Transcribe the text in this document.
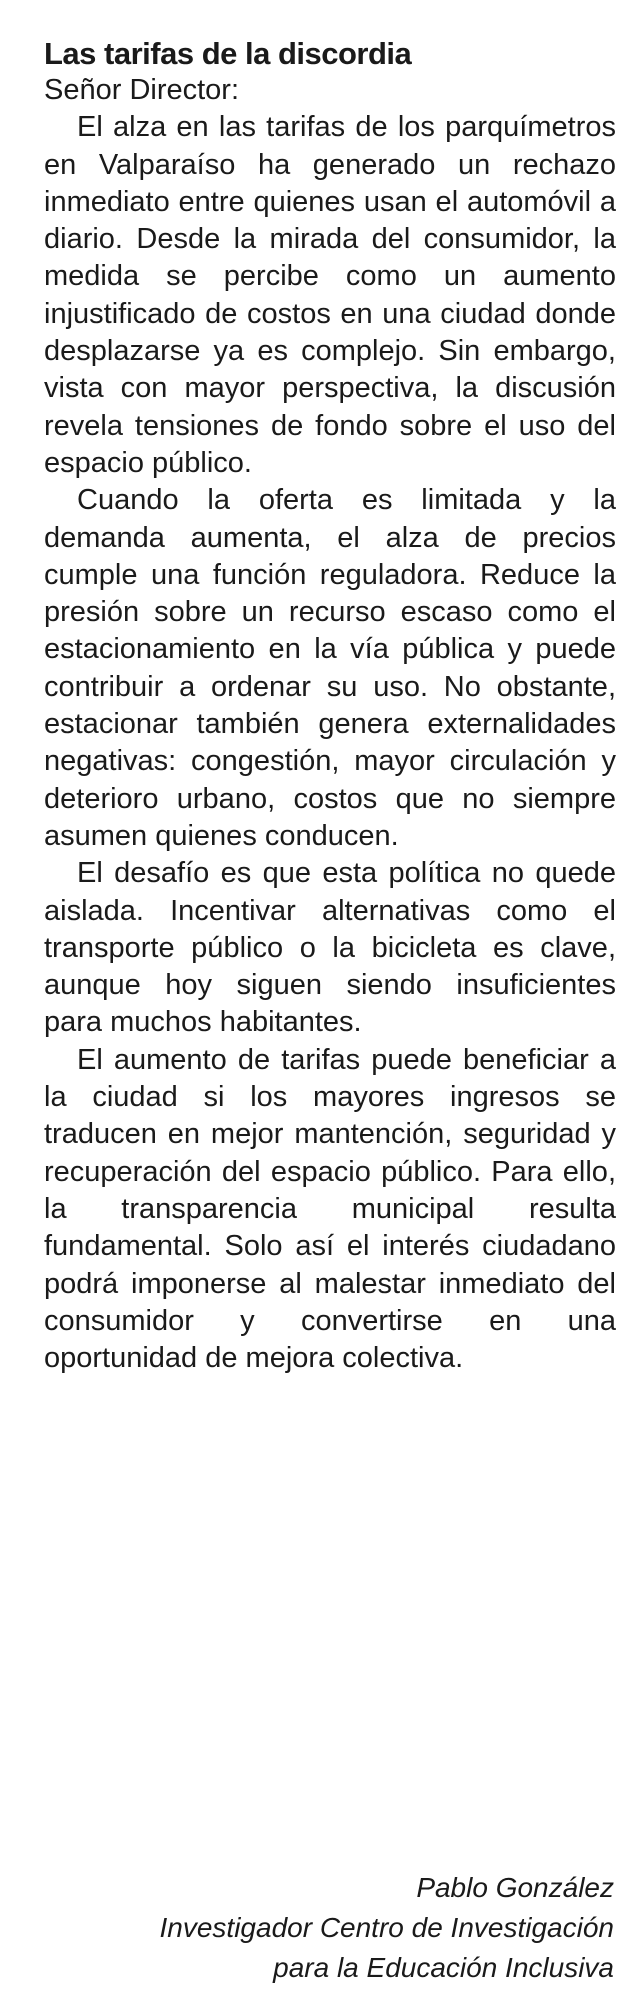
Las tarifas de la discordia

Señor Director:

El alza en las tarifas de los parquímetros en Valparaíso ha generado un rechazo inmediato entre quienes usan el automóvil a diario. Desde la mirada del consumidor, la medida se percibe como un aumento injustificado de costos en una ciudad donde desplazarse ya es complejo. Sin embargo, vista con mayor perspectiva, la discusión revela tensiones de fondo sobre el uso del espacio público.

Cuando la oferta es limitada y la demanda aumenta, el alza de precios cumple una función reguladora. Reduce la presión sobre un recurso escaso como el estacionamiento en la vía pública y puede contribuir a ordenar su uso. No obstante, estacionar también genera externalidades negativas: congestión, mayor circulación y deterioro urbano, costos que no siempre asumen quienes conducen.

El desafío es que esta política no quede aislada. Incentivar alternativas como el transporte público o la bicicleta es clave, aunque hoy siguen siendo insuficientes para muchos habitantes.

El aumento de tarifas puede beneficiar a la ciudad si los mayores ingresos se traducen en mejor mantención, seguridad y recuperación del espacio público. Para ello, la transparencia municipal resulta fundamental. Solo así el interés ciudadano podrá imponerse al malestar inmediato del consumidor y convertirse en una oportunidad de mejora colectiva.

Pablo González
Investigador Centro de Investigación
para la Educación Inclusiva
